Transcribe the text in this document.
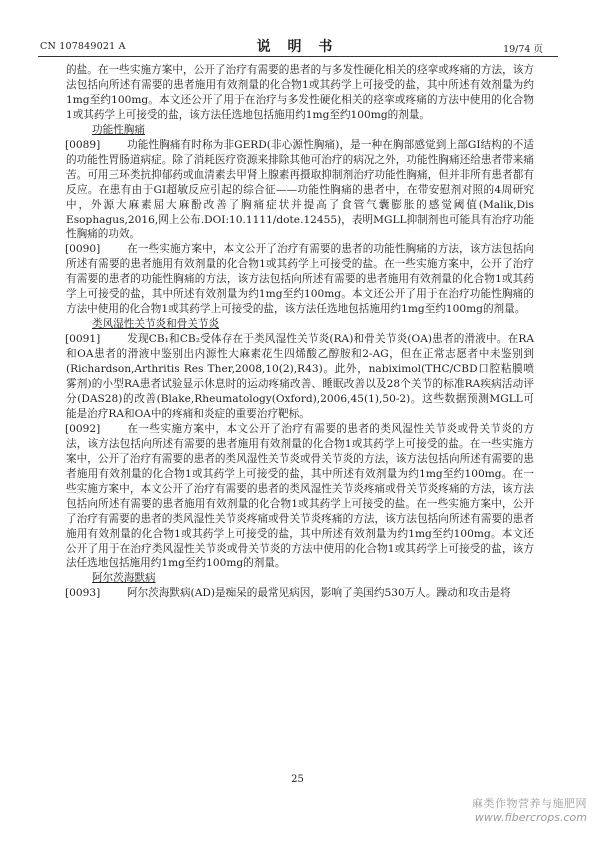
CN 107849021 A	说 明 书	19/74 页

的盐。在一些实施方案中，公开了治疗有需要的患者的与多发性硬化相关的痉挛或疼痛的方法，该方法包括向所述有需要的患者施用有效剂量的化合物1或其药学上可接受的盐，其中所述有效剂量为约1mg至约100mg。本文还公开了用于在治疗与多发性硬化相关的痉挛或疼痛的方法中使用的化合物1或其药学上可接受的盐，该方法任选地包括施用约1mg至约100mg的剂量。

功能性胸痛

[0089]	功能性胸痛有时称为非GERD(非心源性胸痛)，是一种在胸部感觉到上部GI结构的不适的功能性胃肠道病症。除了消耗医疗资源来排除其他可治疗的病况之外，功能性胸痛还给患者带来痛苦。可用三环类抗抑郁药或血清素去甲肾上腺素再摄取抑制剂治疗功能性胸痛，但并非所有患者都有反应。在患有由于GI超敏反应引起的综合征——功能性胸痛的患者中，在带安慰剂对照的4周研究中，外源大麻素屈大麻酚改善了胸痛症状并提高了食管气囊膨胀的感觉阈值(Malik,Dis Esophagus,2016,网上公布.DOI:10.1111/dote.12455)，表明MGLL抑制剂也可能具有治疗功能性胸痛的功效。

[0090]	在一些实施方案中，本文公开了治疗有需要的患者的功能性胸痛的方法，该方法包括向所述有需要的患者施用有效剂量的化合物1或其药学上可接受的盐。在一些实施方案中，公开了治疗有需要的患者的功能性胸痛的方法，该方法包括向所述有需要的患者施用有效剂量的化合物1或其药学上可接受的盐，其中所述有效剂量为约1mg至约100mg。本文还公开了用于在治疗功能性胸痛的方法中使用的化合物1或其药学上可接受的盐，该方法任选地包括施用约1mg至约100mg的剂量。

类风湿性关节炎和骨关节炎

[0091]	发现CB₁和CB₂受体存在于类风湿性关节炎(RA)和骨关节炎(OA)患者的滑液中。在RA和OA患者的滑液中鉴别出内源性大麻素花生四烯酸乙醇胺和2-AG，但在正常志愿者中未鉴别到(Richardson,Arthritis Res Ther,2008,10(2),R43)。此外，nabiximol(THC/CBD口腔粘膜喷雾剂)的小型RA患者试验显示休息时的运动疼痛改善、睡眠改善以及28个关节的标准RA疾病活动评分(DAS28)的改善(Blake,Rheumatology(Oxford),2006,45(1),50-2)。这些数据预测MGLL可能是治疗RA和OA中的疼痛和炎症的重要治疗靶标。

[0092]	在一些实施方案中，本文公开了治疗有需要的患者的类风湿性关节炎或骨关节炎的方法，该方法包括向所述有需要的患者施用有效剂量的化合物1或其药学上可接受的盐。在一些实施方案中，公开了治疗有需要的患者的类风湿性关节炎或骨关节炎的方法，该方法包括向所述有需要的患者施用有效剂量的化合物1或其药学上可接受的盐，其中所述有效剂量为约1mg至约100mg。在一些实施方案中，本文公开了治疗有需要的患者的类风湿性关节炎疼痛或骨关节炎疼痛的方法，该方法包括向所述有需要的患者施用有效剂量的化合物1或其药学上可接受的盐。在一些实施方案中，公开了治疗有需要的患者的类风湿性关节炎疼痛或骨关节炎疼痛的方法，该方法包括向所述有需要的患者施用有效剂量的化合物1或其药学上可接受的盐，其中所述有效剂量为约1mg至约100mg。本文还公开了用于在治疗类风湿性关节炎或骨关节炎的方法中使用的化合物1或其药学上可接受的盐，该方法任选地包括施用约1mg至约100mg的剂量。

阿尔茨海默病

[0093]	阿尔茨海默病(AD)是痴呆的最常见病因，影响了美国约530万人。躁动和攻击是将

25
麻类作物营养与施肥网
www.fibercrops.com
